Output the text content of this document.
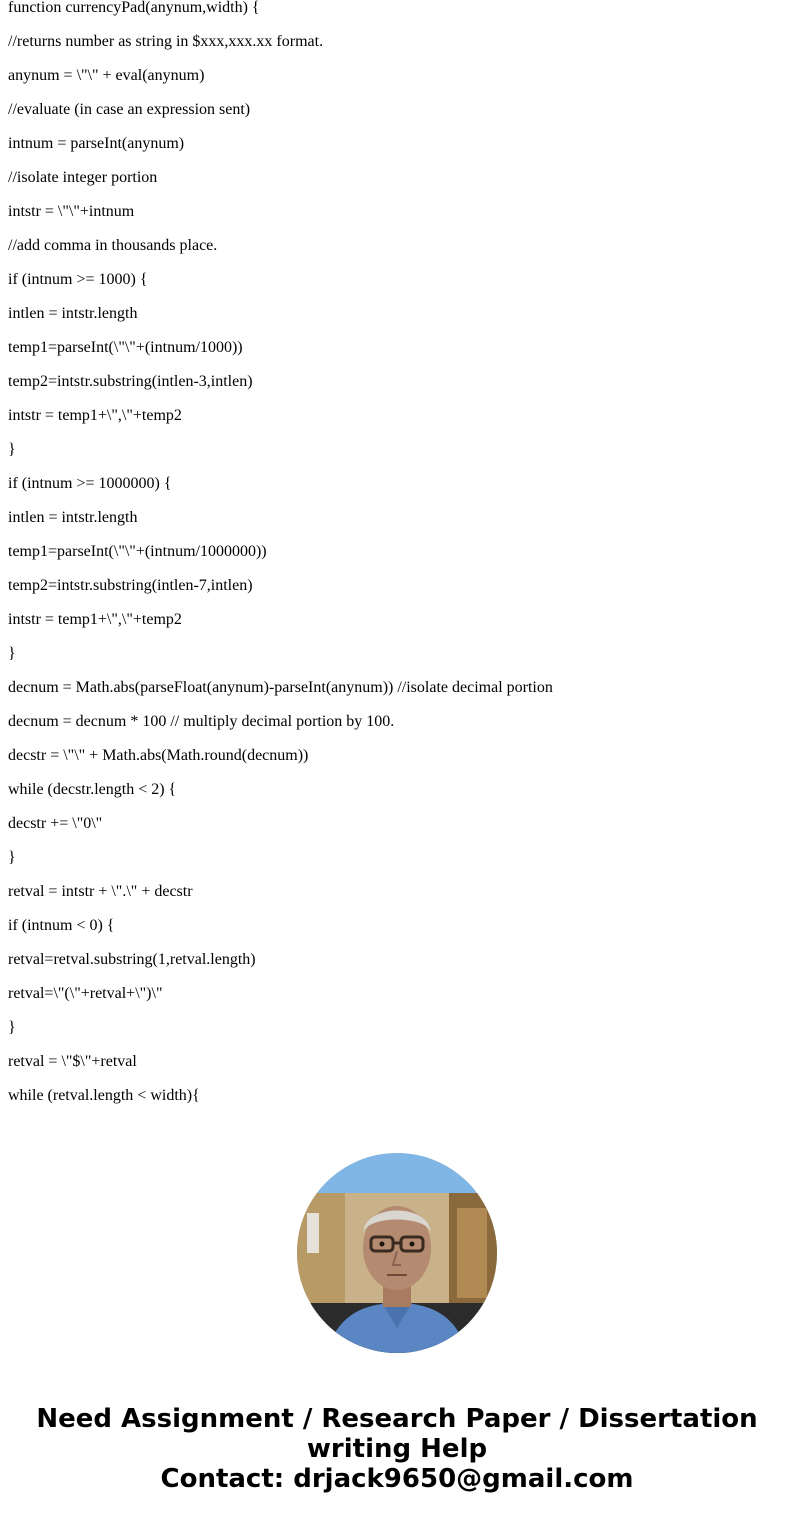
function currencyPad(anynum,width) {
//returns number as string in $xxx,xxx.xx format.
anynum = \"\" + eval(anynum)
//evaluate (in case an expression sent)
intnum = parseInt(anynum)
//isolate integer portion
intstr = \"\"+intnum
//add comma in thousands place.
if (intnum >= 1000) {
intlen = intstr.length
temp1=parseInt(\"\"+(intnum/1000))
temp2=intstr.substring(intlen-3,intlen)
intstr = temp1+\",\"+temp2
}
if (intnum >= 1000000) {
intlen = intstr.length
temp1=parseInt(\"\"+(intnum/1000000))
temp2=intstr.substring(intlen-7,intlen)
intstr = temp1+\",\"+temp2
}
decnum = Math.abs(parseFloat(anynum)-parseInt(anynum)) //isolate decimal portion
decnum = decnum * 100 // multiply decimal portion by 100.
decstr = \"\" + Math.abs(Math.round(decnum))
while (decstr.length < 2) {
decstr += \"0\"
}
retval = intstr + \".\" + decstr
if (intnum < 0) {
retval=retval.substring(1,retval.length)
retval=\"(\"+retval+\")\"
}
retval = \"$\"+retval
while (retval.length < width){
Need Assignment / Research Paper / Dissertation
writing Help
Contact: drjack9650@gmail.com
